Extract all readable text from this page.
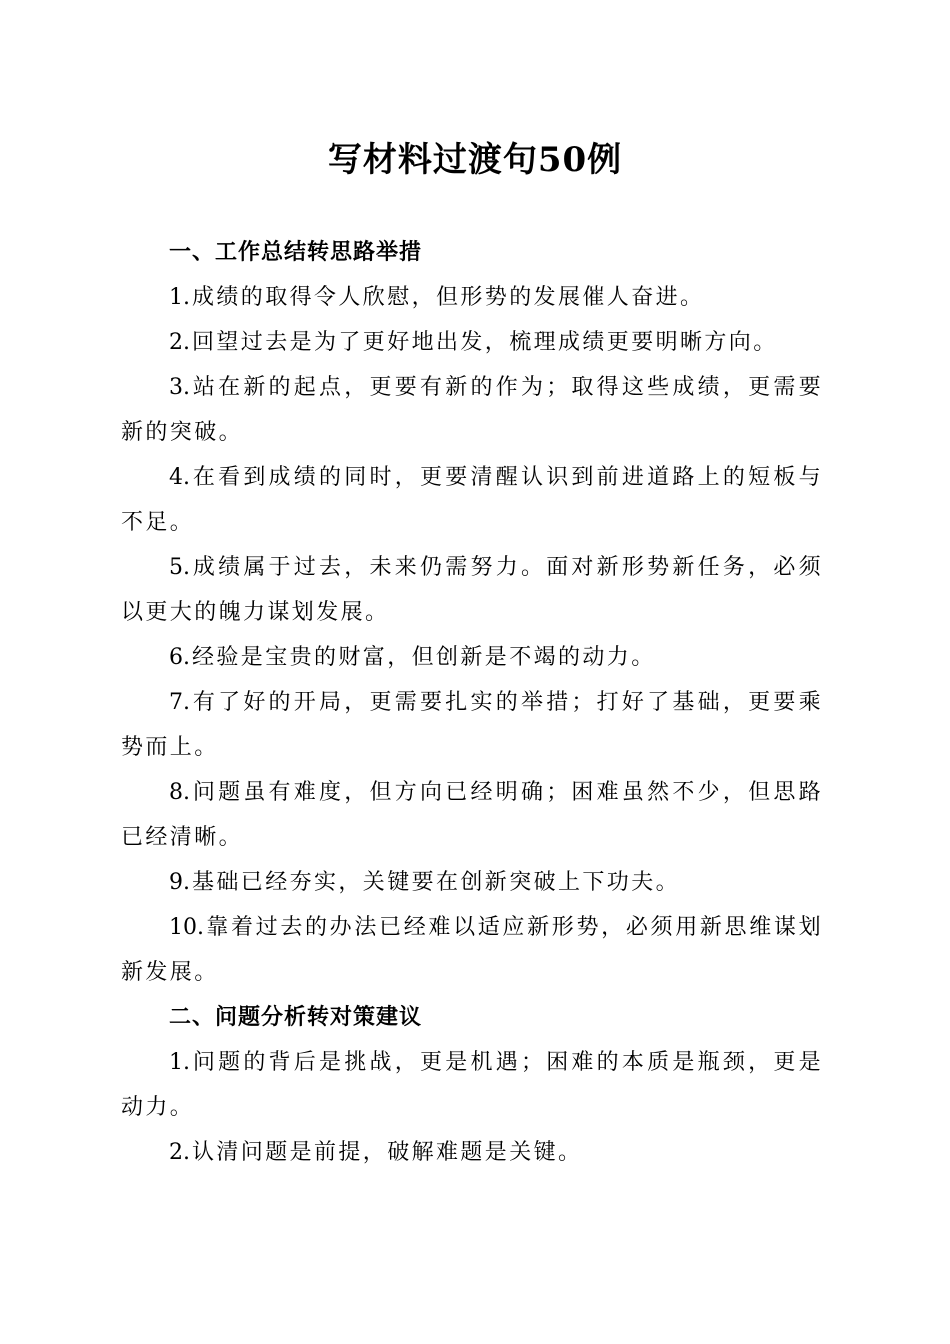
写材料过渡句50例

一、工作总结转思路举措

1.成绩的取得令人欣慰，但形势的发展催人奋进。

2.回望过去是为了更好地出发，梳理成绩更要明晰方向。

3.站在新的起点，更要有新的作为；取得这些成绩，更需要新的突破。

4.在看到成绩的同时，更要清醒认识到前进道路上的短板与不足。

5.成绩属于过去，未来仍需努力。面对新形势新任务，必须以更大的魄力谋划发展。

6.经验是宝贵的财富，但创新是不竭的动力。

7.有了好的开局，更需要扎实的举措；打好了基础，更要乘势而上。

8.问题虽有难度，但方向已经明确；困难虽然不少，但思路已经清晰。

9.基础已经夯实，关键要在创新突破上下功夫。

10.靠着过去的办法已经难以适应新形势，必须用新思维谋划新发展。

二、问题分析转对策建议

1.问题的背后是挑战，更是机遇；困难的本质是瓶颈，更是动力。

2.认清问题是前提，破解难题是关键。
